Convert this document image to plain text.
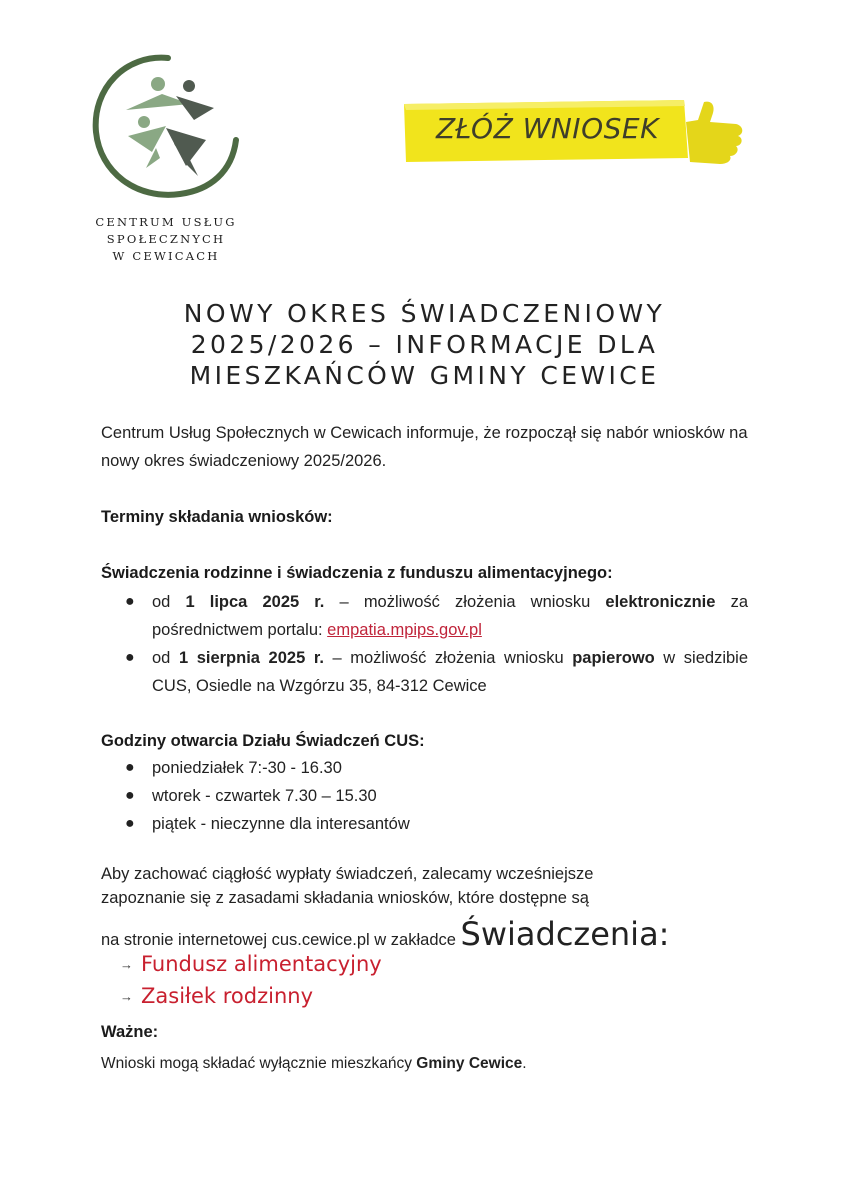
CENTRUM USŁUG
SPOŁECZNYCH
W CEWICACH
ZŁÓŻ WNIOSEK
NOWY OKRES ŚWIADCZENIOWY
2025/2026 – INFORMACJE DLA
MIESZKAŃCÓW GMINY CEWICE
Centrum Usług Społecznych w Cewicach informuje, że rozpoczął się nabór wniosków na nowy okres świadczeniowy 2025/2026.
Terminy składania wniosków:
Świadczenia rodzinne i świadczenia z funduszu alimentacyjnego:
● od 1 lipca 2025 r. – możliwość złożenia wniosku elektronicznie za pośrednictwem portalu: empatia.mpips.gov.pl
● od 1 sierpnia 2025 r. – możliwość złożenia wniosku papierowo w siedzibie CUS, Osiedle na Wzgórzu 35, 84-312 Cewice
Godziny otwarcia Działu Świadczeń CUS:
● poniedziałek 7:-30 - 16.30
● wtorek - czwartek 7.30 – 15.30
● piątek - nieczynne dla interesantów
Aby zachować ciągłość wypłaty świadczeń, zalecamy wcześniejsze
zapoznanie się z zasadami składania wniosków, które dostępne są
na stronie internetowej cus.cewice.pl w zakładce Świadczenia:
→ Fundusz alimentacyjny
→ Zasiłek rodzinny
Ważne:
Wnioski mogą składać wyłącznie mieszkańcy Gminy Cewice.
